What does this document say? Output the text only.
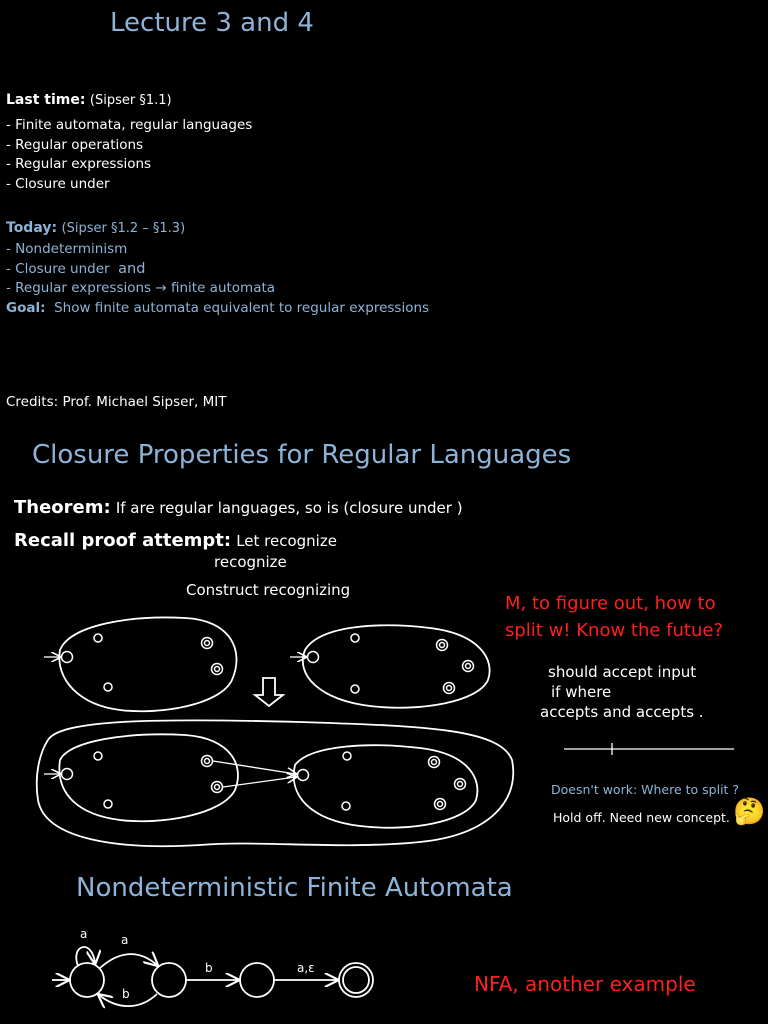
Lecture 3 and 4
Last time: (Sipser §1.1)
- Finite automata, regular languages
- Regular operations
- Regular expressions
- Closure under
Today: (Sipser §1.2 – §1.3)
- Nondeterminism
- Closure under and
- Regular expressions → finite automata
Goal: Show finite automata equivalent to regular expressions
Credits: Prof. Michael Sipser, MIT
Closure Properties for Regular Languages
Theorem: If are regular languages, so is (closure under )
Recall proof attempt: Let recognize
recognize
Construct recognizing
M, to figure out, how to
split w! Know the futue?
should accept input
if where
accepts and accepts .
Doesn't work: Where to split ?
Hold off. Need new concept. 🤔
Nondeterministic Finite Automata
NFA, another example
a	a
b
b	a,ε
